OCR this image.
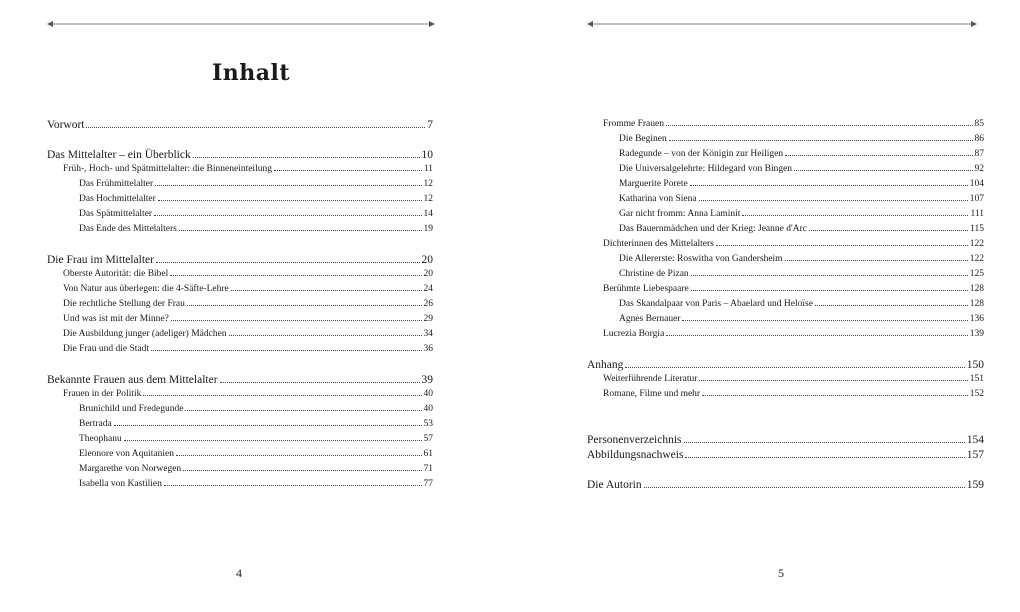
Inhalt
Vorwort	7
Das Mittelalter – ein Überblick	10
Früh-, Hoch- und Spätmittelalter: die Binneneinteilung	11
Das Frühmittelalter	12
Das Hochmittelalter	12
Das Spätmittelalter	14
Das Ende des Mittelalters	19
Die Frau im Mittelalter	20
Oberste Autorität: die Bibel	20
Von Natur aus überlegen: die 4-Säfte-Lehre	24
Die rechtliche Stellung der Frau	26
Und was ist mit der Minne?	29
Die Ausbildung junger (adeliger) Mädchen	34
Die Frau und die Stadt	36
Bekannte Frauen aus dem Mittelalter	39
Frauen in der Politik	40
Brunichild und Fredegunde	40
Bertrada	53
Theophanu	57
Eleonore von Aquitanien	61
Margarethe von Norwegen	71
Isabella von Kastilien	77
4
Fromme Frauen	85
Die Beginen	86
Radegunde – von der Königin zur Heiligen	87
Die Universalgelehrte: Hildegard von Bingen	92
Marguerite Porete	104
Katharina von Siena	107
Gar nicht fromm: Anna Laminit	111
Das Bauernmädchen und der Krieg: Jeanne d'Arc	115
Dichterinnen des Mittelalters	122
Die Allererste: Roswitha von Gandersheim	122
Christine de Pizan	125
Berühmte Liebespaare	128
Das Skandalpaar von Paris – Abaelard und Heloïse	128
Agnes Bernauer	136
Lucrezia Borgia	139
Anhang	150
Weiterführende Literatur	151
Romane, Filme und mehr	152
Personenverzeichnis	154
Abbildungsnachweis	157
Die Autorin	159
5
